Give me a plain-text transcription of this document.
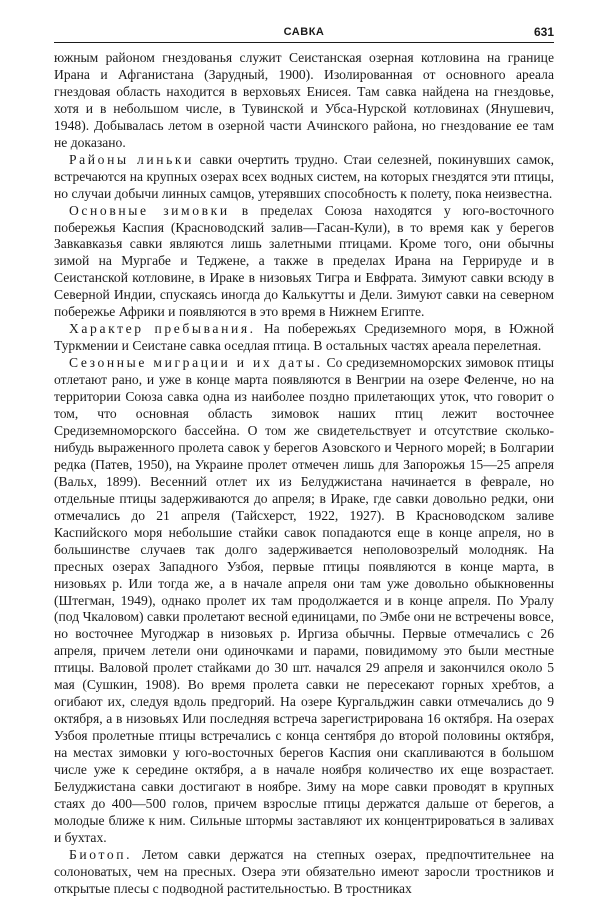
САВКА	631

южным районом гнездованья служит Сеистанская озерная котловина на границе Ирана и Афганистана (Зарудный, 1900). Изолированная от основного ареала гнездовая область находится в верховьях Енисея. Там савка найдена на гнездовье, хотя и в небольшом числе, в Тувинской и Убса-Нурской котловинах (Янушевич, 1948). Добывалась летом в озерной части Ачинского района, но гнездование ее там не доказано.

Районы линьки савки очертить трудно. Стаи селезней, покинувших самок, встречаются на крупных озерах всех водных систем, на которых гнездятся эти птицы, но случаи добычи линных самцов, утерявших способность к полету, пока неизвестна.

Основные зимовки в пределах Союза находятся у юго-восточного побережья Каспия (Красноводский залив—Гасан-Кули), в то время как у берегов Завкавказья савки являются лишь залетными птицами. Кроме того, они обычны зимой на Мургабе и Теджене, а также в пределах Ирана на Геррируде и в Сеистанской котловине, в Ираке в низовьях Тигра и Евфрата. Зимуют савки всюду в Северной Индии, спускаясь иногда до Калькутты и Дели. Зимуют савки на северном побережье Африки и появляются в это время в Нижнем Египте.

Характер пребывания. На побережьях Средиземного моря, в Южной Туркмении и Сеистане савка оседлая птица. В остальных частях ареала перелетная.

Сезонные миграции и их даты. Со средиземноморских зимовок птицы отлетают рано, и уже в конце марта появляются в Венгрии на озере Феленче, но на территории Союза савка одна из наиболее поздно прилетающих уток, что говорит о том, что основная область зимовок наших птиц лежит восточнее Средиземноморского бассейна. О том же свидетельствует и отсутствие сколько-нибудь выраженного пролета савок у берегов Азовского и Черного морей; в Болгарии редка (Патев, 1950), на Украине пролет отмечен лишь для Запорожья 15—25 апреля (Вальх, 1899). Весенний отлет их из Белуджистана начинается в феврале, но отдельные птицы задерживаются до апреля; в Ираке, где савки довольно редки, они отмечались до 21 апреля (Тайсхерст, 1922, 1927). В Красноводском заливе Каспийского моря небольшие стайки савок попадаются еще в конце апреля, но в большинстве случаев так долго задерживается неполовозрелый молодняк. На пресных озерах Западного Узбоя, первые птицы появляются в конце марта, в низовьях р. Или тогда же, а в начале апреля они там уже довольно обыкновенны (Штегман, 1949), однако пролет их там продолжается и в конце апреля. По Уралу (под Чкаловом) савки пролетают весной единицами, по Эмбе они не встречены вовсе, но восточнее Мугоджар в низовьях р. Иргиза обычны. Первые отмечались с 26 апреля, причем летели они одиночками и парами, повидимому это были местные птицы. Валовой пролет стайками до 30 шт. начался 29 апреля и закончился около 5 мая (Сушкин, 1908). Во время пролета савки не пересекают горных хребтов, а огибают их, следуя вдоль предгорий. На озере Кургальджин савки отмечались до 9 октября, а в низовьях Или последняя встреча зарегистрирована 16 октября. На озерах Узбоя пролетные птицы встречались с конца сентября до второй половины октября, на местах зимовки у юго-восточных берегов Каспия они скапливаются в большом числе уже к середине октября, а в начале ноября количество их еще возрастает. Белуджистана савки достигают в ноябре. Зиму на море савки проводят в крупных стаях до 400—500 голов, причем взрослые птицы держатся дальше от берегов, а молодые ближе к ним. Сильные штормы заставляют их концентрироваться в заливах и бухтах.

Биотоп. Летом савки держатся на степных озерах, предпочтительнее на солоноватых, чем на пресных. Озера эти обязательно имеют заросли тростников и открытые плесы с подводной растительностью. В тростниках
